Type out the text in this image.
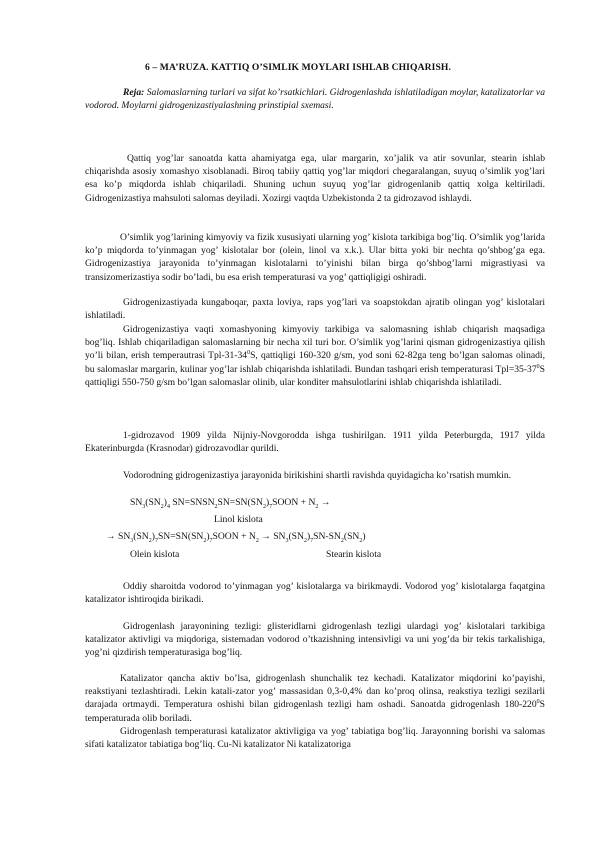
6 – MA’RUZA. KATTIQ O’SIMLIK MOYLARI ISHLAB CHIQARISH.

Reja: Salomaslarning turlari va sifat ko’rsatkichlari. Gidrogenlashda ishlatiladigan moylar, katalizatorlar va vodorod. Moylarni gidrogenizastiyalashning prinstipial sxemasi.

Qattiq yog’lar sanoatda katta ahamiyatga ega, ular margarin, xo’jalik va atir sovunlar, stearin ishlab chiqarishda asosiy xomashyo xisoblanadi. Biroq tabiiy qattiq yog’lar miqdori chegaralangan, suyuq o’simlik yog’lari esa ko’p miqdorda ishlab chiqariladi. Shuning uchun suyuq yog’lar gidrogenlanib qattiq xolga keltiriladi. Gidrogenizastiya mahsuloti salomas deyiladi. Xozirgi vaqtda Uzbekistonda 2 ta gidrozavod ishlaydi.

O’simlik yog’larining kimyoviy va fizik xususiyati ularning yog’ kislota tarkibiga bog’liq. O’simlik yog’larida ko’p miqdorda to’yinmagan yog’ kislotalar bor (olein, linol va x.k.). Ular bitta yoki bir nechta qo’shbog’ga ega. Gidrogenizastiya jarayonida to’yinmagan kislotalarni to’yinishi bilan birga qo’shbog’larni migrastiyasi va transizomerizastiya sodir bo’ladi, bu esa erish temperaturasi va yog’ qattiqligigi oshiradi.

Gidrogenizastiyada kungaboqar, paxta loviya, raps yog’lari va soapstokdan ajratib olingan yog’ kislotalari ishlatiladi.

Gidrogenizastiya vaqti xomashyoning kimyoviy tarkibiga va salomasning ishlab chiqarish maqsadiga bog’liq. Ishlab chiqariladigan salomaslarning bir necha xil turi bor. O’simlik yog’larini qisman gidrogenizastiya qilish yo’li bilan, erish temperautrasi Tpl-$31-34^0S$, qattiqligi 160-320 g/sm, yod soni 62-82ga teng bo’lgan salomas olinadi, bu salomaslar margarin, kulinar yog’lar ishlab chiqarishda ishlatiladi. Bundan tashqari erish temperaturasi $Tpl=35-37^0S$ qattiqligi 550-750 g/sm bo’lgan salomaslar olinib, ular konditer mahsulotlarini ishlab chiqarishda ishlatiladi.

1-gidrozavod 1909 yilda Nijniy-Novgorodda ishga tushirilgan. 1911 yilda Peterburgda, 1917 yilda Ekaterinburgda (Krasnodar) gidrozavodlar qurildi.

Vodorodning gidrogenizastiya jarayonida birikishini shartli ravishda quyidagicha ko’rsatish mumkin.

$SN_3(SN_2)_4$ $SN=SNSN_2SN=SN(SN_2)_7SOON + N_2$ →
Linol kislota
→ $SN_3(SN_2)_7SN=SN(SN_2)_7SOON + N_2 \to SN_3(SN_2)_7SN-SN_2(SN_2)$
Olein kislota	Stearin kislota

Oddiy sharoitda vodorod to’yinmagan yog’ kislotalarga va birikmaydi. Vodorod yog’ kislotalarga faqatgina katalizator ishtiroqida birikadi.

Gidrogenlash jarayonining tezligi: glisteridlarni gidrogenlash tezligi ulardagi yog’ kislotalari tarkibiga katalizator aktivligi va miqdoriga, sistemadan vodorod o’tkazishning intensivligi va uni yog’da bir tekis tarkalishiga, yog’ni qizdirish temperaturasiga bog’liq.

Katalizator qancha aktiv bo’lsa, gidrogenlash shunchalik tez kechadi. Katalizator miqdorini ko’payishi, reakstiyani tezlashtiradi. Lekin katali-zator yog’ massasidan 0,3-0,4% dan ko’proq olinsa, reakstiya tezligi sezilarli darajada ortmaydi. Temperatura oshishi bilan gidrogenlash tezligi ham oshadi. Sanoatda gidrogenlash $180-220^0S$ temperaturada olib boriladi.

Gidrogenlash temperaturasi katalizator aktivligiga va yog’ tabiatiga bog’liq. Jarayonning borishi va salomas sifati katalizator tabiatiga bog’liq. Cu-Ni katalizator Ni katalizatoriga
